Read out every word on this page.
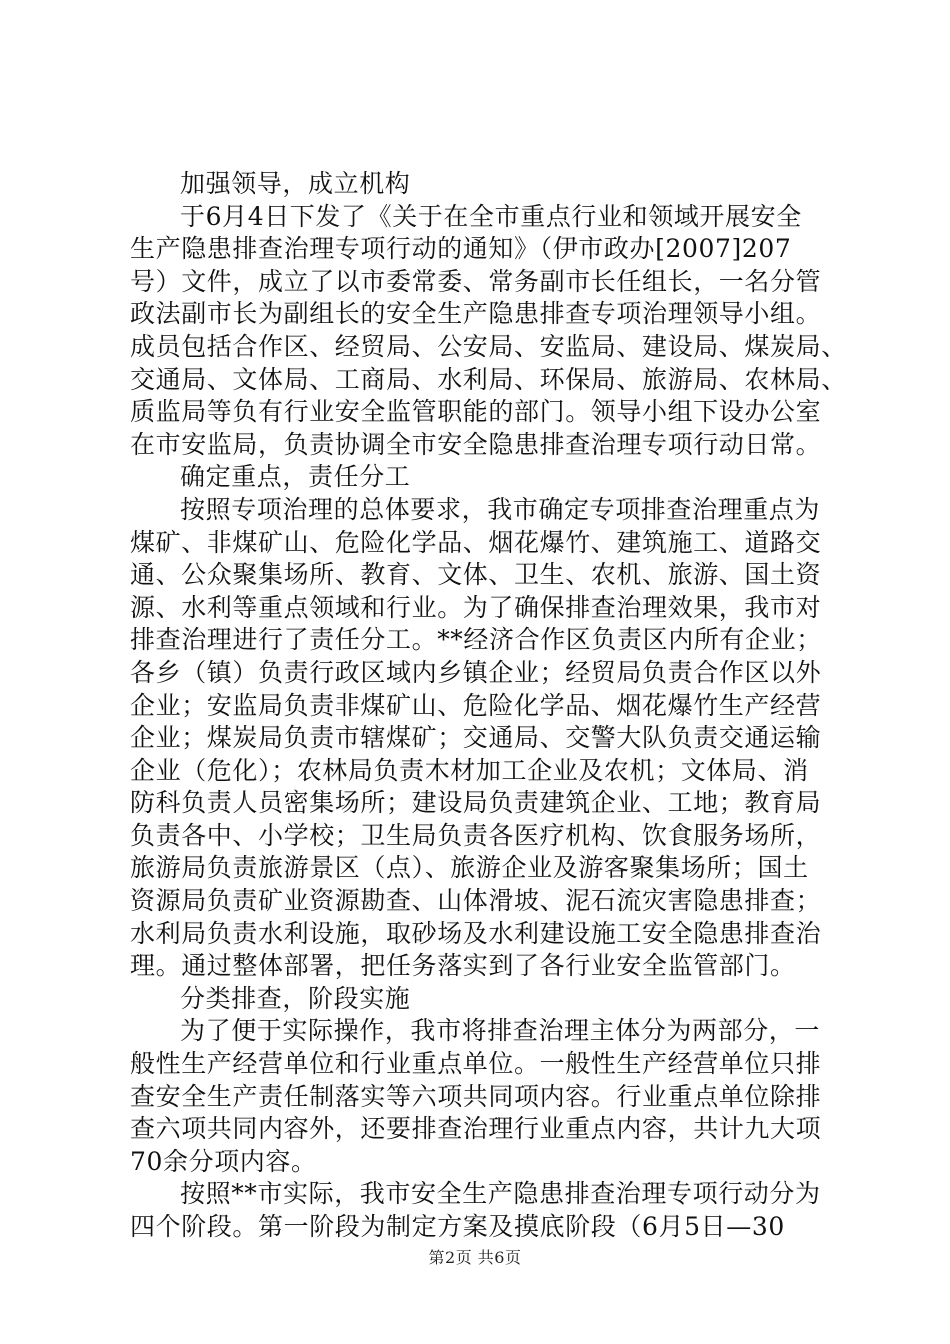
加强领导，成立机构
于6月4日下发了《关于在全市重点行业和领域开展安全
生产隐患排查治理专项行动的通知》（伊市政办[2007]207
号）文件，成立了以市委常委、常务副市长任组长，一名分管
政法副市长为副组长的安全生产隐患排查专项治理领导小组。
成员包括合作区、经贸局、公安局、安监局、建设局、煤炭局、
交通局、文体局、工商局、水利局、环保局、旅游局、农林局、
质监局等负有行业安全监管职能的部门。领导小组下设办公室
在市安监局，负责协调全市安全隐患排查治理专项行动日常。
确定重点，责任分工
按照专项治理的总体要求，我市确定专项排查治理重点为
煤矿、非煤矿山、危险化学品、烟花爆竹、建筑施工、道路交
通、公众聚集场所、教育、文体、卫生、农机、旅游、国土资
源、水利等重点领域和行业。为了确保排查治理效果，我市对
排查治理进行了责任分工。**经济合作区负责区内所有企业；
各乡（镇）负责行政区域内乡镇企业；经贸局负责合作区以外
企业；安监局负责非煤矿山、危险化学品、烟花爆竹生产经营
企业；煤炭局负责市辖煤矿；交通局、交警大队负责交通运输
企业（危化）；农林局负责木材加工企业及农机；文体局、消
防科负责人员密集场所；建设局负责建筑企业、工地；教育局
负责各中、小学校；卫生局负责各医疗机构、饮食服务场所，
旅游局负责旅游景区（点）、旅游企业及游客聚集场所；国土
资源局负责矿业资源勘查、山体滑坡、泥石流灾害隐患排查；
水利局负责水利设施，取砂场及水利建设施工安全隐患排查治
理。通过整体部署，把任务落实到了各行业安全监管部门。
分类排查，阶段实施
为了便于实际操作，我市将排查治理主体分为两部分，一
般性生产经营单位和行业重点单位。一般性生产经营单位只排
查安全生产责任制落实等六项共同项内容。行业重点单位除排
查六项共同内容外，还要排查治理行业重点内容，共计九大项
70余分项内容。
按照**市实际，我市安全生产隐患排查治理专项行动分为
四个阶段。第一阶段为制定方案及摸底阶段（6月5日—30
第2页 共6页
